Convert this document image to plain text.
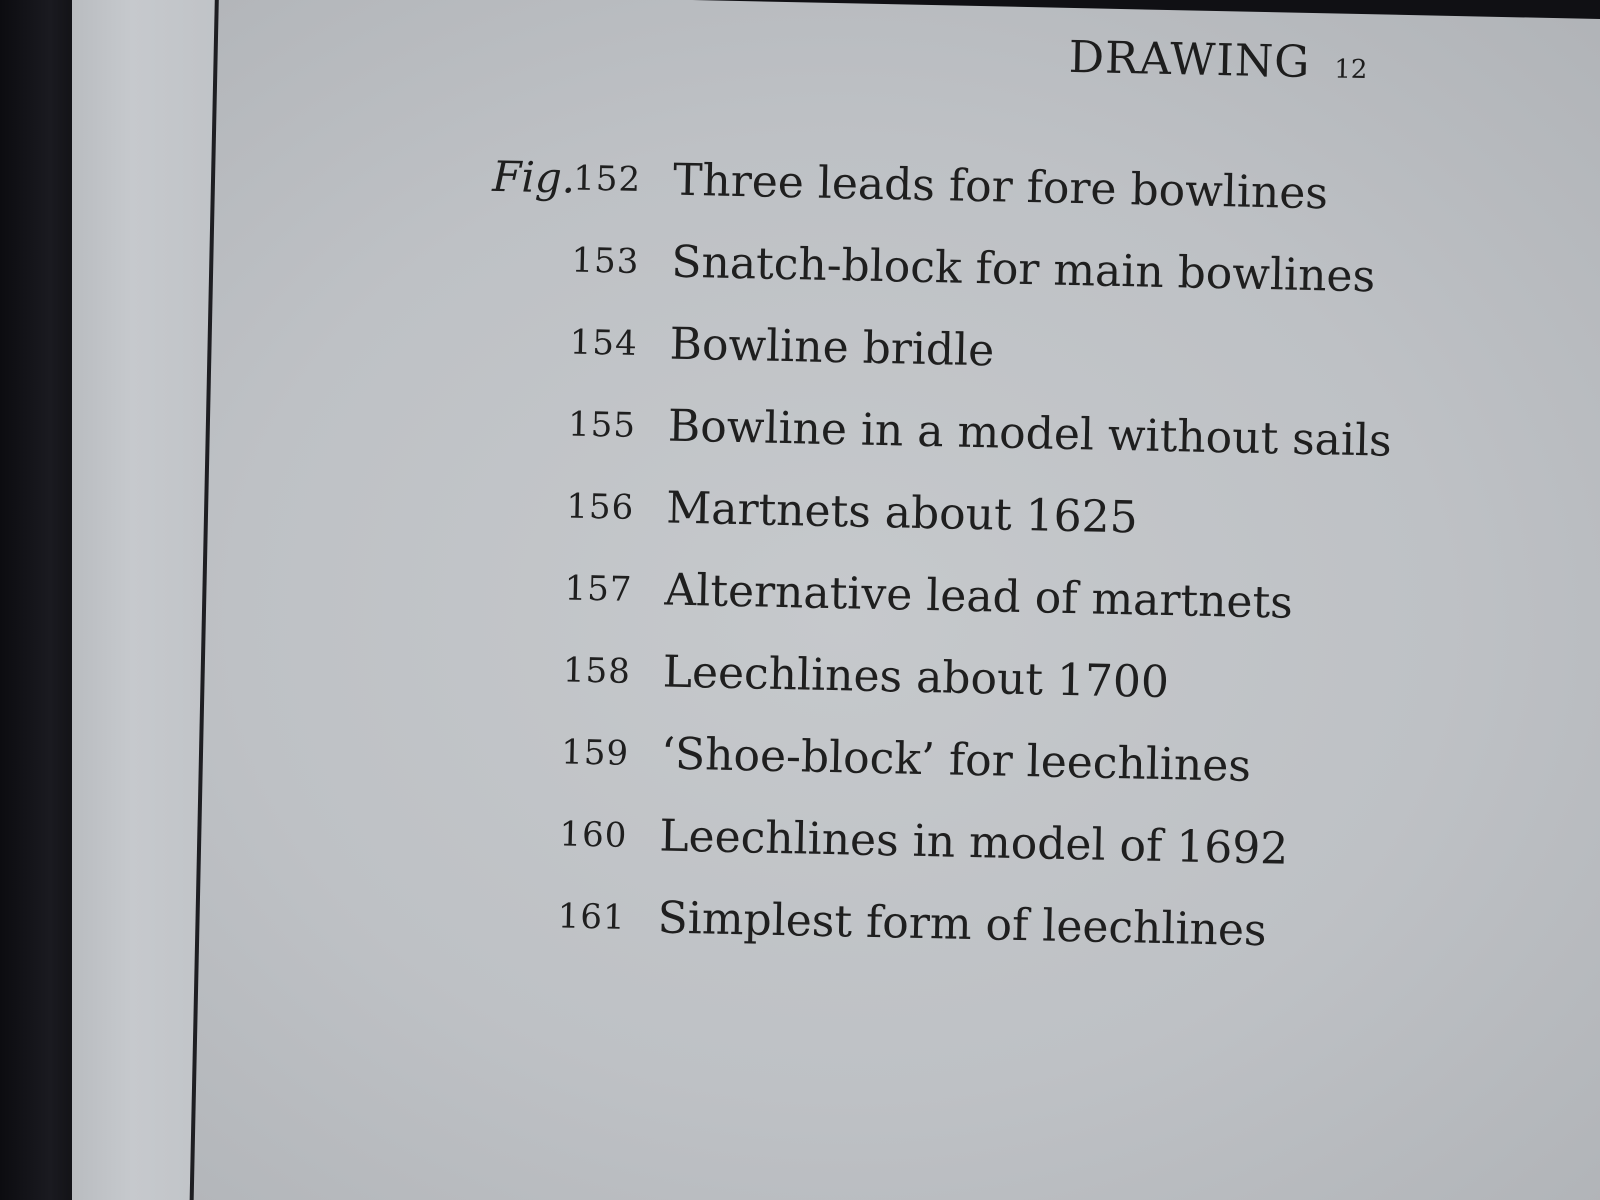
DRAWING 12
Fig.
152 Three leads for fore bowlines
153 Snatch-block for main bowlines
154 Bowline bridle
155 Bowline in a model without sails
156 Martnets about 1625
157 Alternative lead of martnets
158 Leechlines about 1700
159 ‘Shoe-block’ for leechlines
160 Leechlines in model of 1692
161 Simplest form of leechlines
